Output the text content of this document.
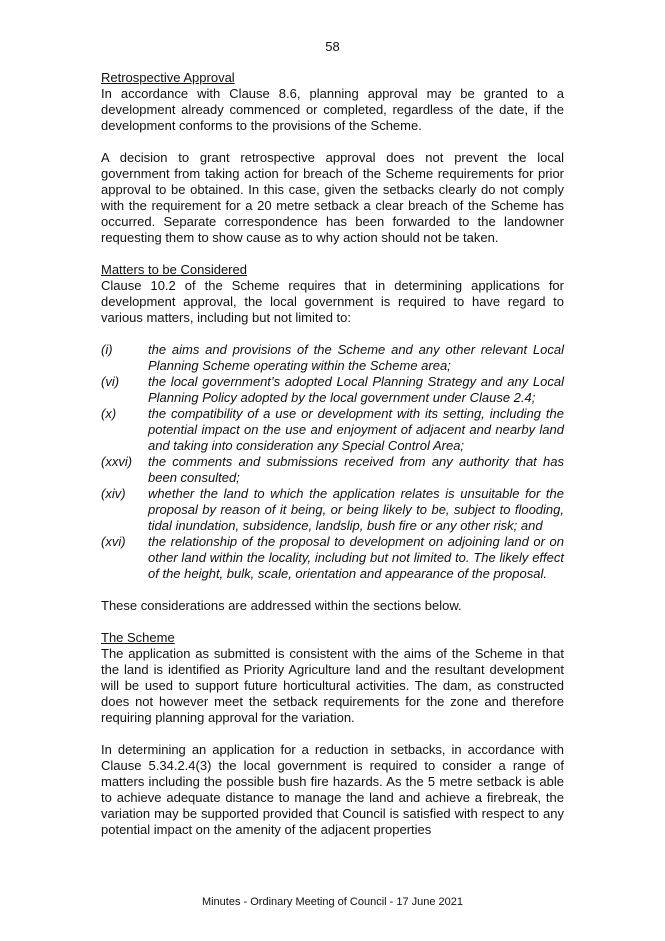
58
Retrospective Approval

In accordance with Clause 8.6, planning approval may be granted to a development already commenced or completed, regardless of the date, if the development conforms to the provisions of the Scheme.

A decision to grant retrospective approval does not prevent the local government from taking action for breach of the Scheme requirements for prior approval to be obtained. In this case, given the setbacks clearly do not comply with the requirement for a 20 metre setback a clear breach of the Scheme has occurred. Separate correspondence has been forwarded to the landowner requesting them to show cause as to why action should not be taken.

Matters to be Considered

Clause 10.2 of the Scheme requires that in determining applications for development approval, the local government is required to have regard to various matters, including but not limited to:

(i)	the aims and provisions of the Scheme and any other relevant Local Planning Scheme operating within the Scheme area;
(vi)	the local government’s adopted Local Planning Strategy and any Local Planning Policy adopted by the local government under Clause 2.4;
(x)	the compatibility of a use or development with its setting, including the potential impact on the use and enjoyment of adjacent and nearby land and taking into consideration any Special Control Area;
(xxvi)	the comments and submissions received from any authority that has been consulted;
(xiv)	whether the land to which the application relates is unsuitable for the proposal by reason of it being, or being likely to be, subject to flooding, tidal inundation, subsidence, landslip, bush fire or any other risk; and
(xvi)	the relationship of the proposal to development on adjoining land or on other land within the locality, including but not limited to. The likely effect of the height, bulk, scale, orientation and appearance of the proposal.

These considerations are addressed within the sections below.

The Scheme

The application as submitted is consistent with the aims of the Scheme in that the land is identified as Priority Agriculture land and the resultant development will be used to support future horticultural activities. The dam, as constructed does not however meet the setback requirements for the zone and therefore requiring planning approval for the variation.

In determining an application for a reduction in setbacks, in accordance with Clause 5.34.2.4(3) the local government is required to consider a range of matters including the possible bush fire hazards. As the 5 metre setback is able to achieve adequate distance to manage the land and achieve a firebreak, the variation may be supported provided that Council is satisfied with respect to any potential impact on the amenity of the adjacent properties

Minutes - Ordinary Meeting of Council - 17 June 2021
